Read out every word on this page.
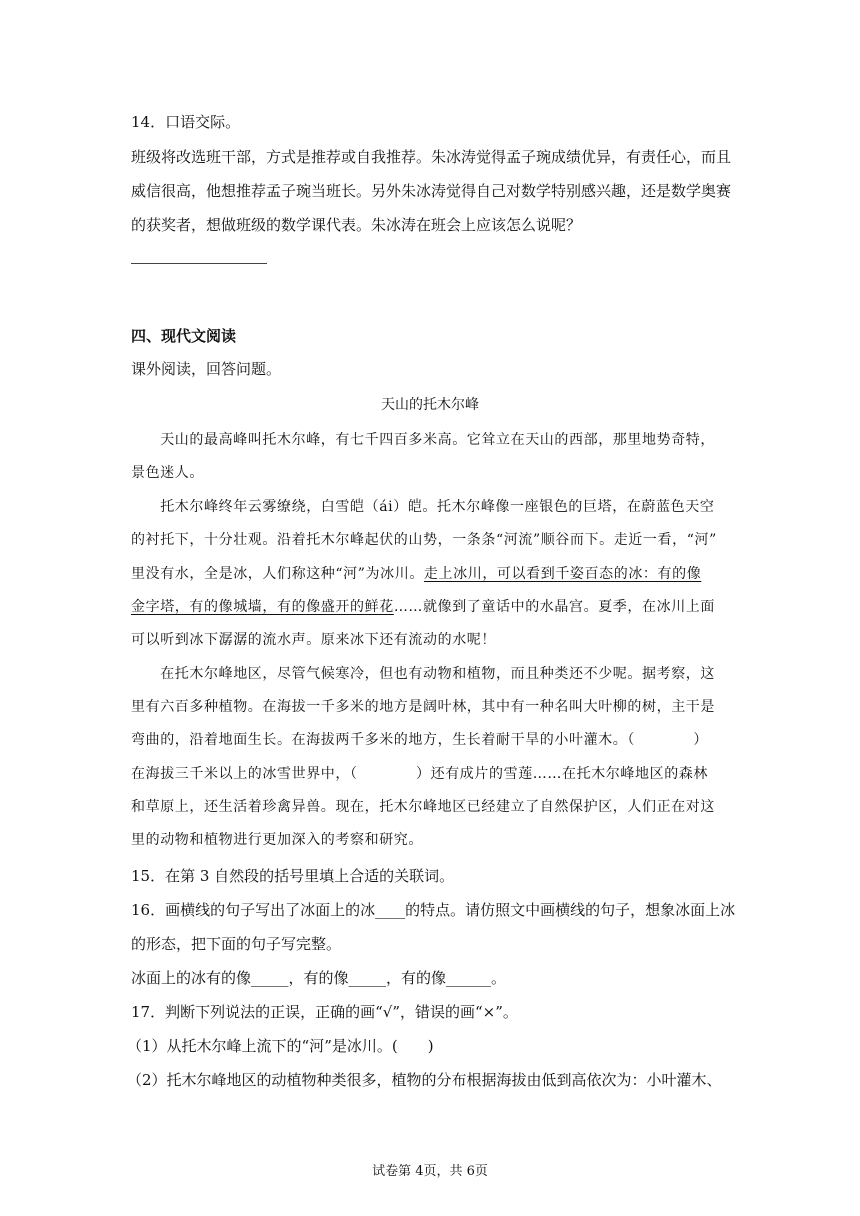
14．口语交际。
班级将改选班干部，方式是推荐或自我推荐。朱冰涛觉得孟子琬成绩优异，有责任心，而且
威信很高，他想推荐孟子琬当班长。另外朱冰涛觉得自己对数学特别感兴趣，还是数学奥赛
的获奖者，想做班级的数学课代表。朱冰涛在班会上应该怎么说呢？
四、现代文阅读
课外阅读，回答问题。
天山的托木尔峰
　　天山的最高峰叫托木尔峰，有七千四百多米高。它耸立在天山的西部，那里地势奇特，
景色迷人。
　　托木尔峰终年云雾缭绕，白雪皑（ái）皑。托木尔峰像一座银色的巨塔，在蔚蓝色天空
的衬托下，十分壮观。沿着托木尔峰起伏的山势，一条条“河流”顺谷而下。走近一看，“河”
里没有水，全是冰，人们称这种“河”为冰川。走上冰川，可以看到千姿百态的冰：有的像
金字塔，有的像城墙，有的像盛开的鲜花……就像到了童话中的水晶宫。夏季，在冰川上面
可以听到冰下潺潺的流水声。原来冰下还有流动的水呢！
　　在托木尔峰地区，尽管气候寒冷，但也有动物和植物，而且种类还不少呢。据考察，这
里有六百多种植物。在海拔一千多米的地方是阔叶林，其中有一种名叫大叶柳的树，主干是
弯曲的，沿着地面生长。在海拔两千多米的地方，生长着耐干旱的小叶灌木。（　　　　）
在海拔三千米以上的冰雪世界中，（　　　　）还有成片的雪莲……在托木尔峰地区的森林
和草原上，还生活着珍禽异兽。现在，托木尔峰地区已经建立了自然保护区，人们正在对这
里的动物和植物进行更加深入的考察和研究。
15．在第 3 自然段的括号里填上合适的关联词。
16．画横线的句子写出了冰面上的冰____的特点。请仿照文中画横线的句子，想象冰面上冰
的形态，把下面的句子写完整。
冰面上的冰有的像_____，有的像_____，有的像______。
17．判断下列说法的正误，正确的画“√”，错误的画“×”。
（1）从托木尔峰上流下的“河”是冰川。(　　)
（2）托木尔峰地区的动植物种类很多，植物的分布根据海拔由低到高依次为：小叶灌木、
试卷第 4页，共 6页
